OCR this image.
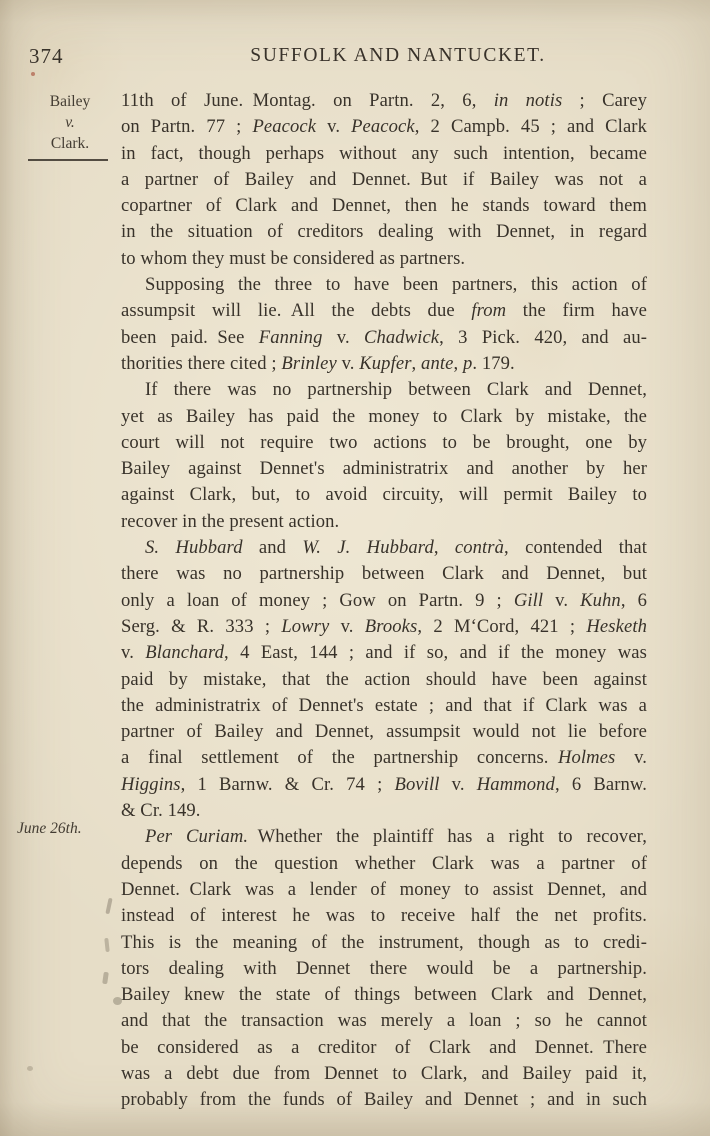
374	SUFFOLK AND NANTUCKET.
Bailey
v.
Clark.
June 26th.
11th of June. Montag. on Partn. 2, 6, in notis ; Carey
on Partn. 77 ; Peacock v. Peacock, 2 Campb. 45 ; and Clark
in fact, though perhaps without any such intention, became
a partner of Bailey and Dennet. But if Bailey was not a
copartner of Clark and Dennet, then he stands toward them
in the situation of creditors dealing with Dennet, in regard
to whom they must be considered as partners.
Supposing the three to have been partners, this action of
assumpsit will lie. All the debts due from the firm have
been paid. See Fanning v. Chadwick, 3 Pick. 420, and au-
thorities there cited ; Brinley v. Kupfer, ante, p. 179.
If there was no partnership between Clark and Dennet,
yet as Bailey has paid the money to Clark by mistake, the
court will not require two actions to be brought, one by
Bailey against Dennet's administratrix and another by her
against Clark, but, to avoid circuity, will permit Bailey to
recover in the present action.
S. Hubbard and W. J. Hubbard, contrà, contended that
there was no partnership between Clark and Dennet, but
only a loan of money ; Gow on Partn. 9 ; Gill v. Kuhn, 6
Serg. & R. 333 ; Lowry v. Brooks, 2 M‘Cord, 421 ; Hesketh
v. Blanchard, 4 East, 144 ; and if so, and if the money was
paid by mistake, that the action should have been against
the administratrix of Dennet's estate ; and that if Clark was a
partner of Bailey and Dennet, assumpsit would not lie before
a final settlement of the partnership concerns. Holmes v.
Higgins, 1 Barnw. & Cr. 74 ; Bovill v. Hammond, 6 Barnw.
& Cr. 149.
Per Curiam. Whether the plaintiff has a right to recover,
depends on the question whether Clark was a partner of
Dennet. Clark was a lender of money to assist Dennet, and
instead of interest he was to receive half the net profits.
This is the meaning of the instrument, though as to credi-
tors dealing with Dennet there would be a partnership.
Bailey knew the state of things between Clark and Dennet,
and that the transaction was merely a loan ; so he cannot
be considered as a creditor of Clark and Dennet. There
was a debt due from Dennet to Clark, and Bailey paid it,
probably from the funds of Bailey and Dennet ; and in such
